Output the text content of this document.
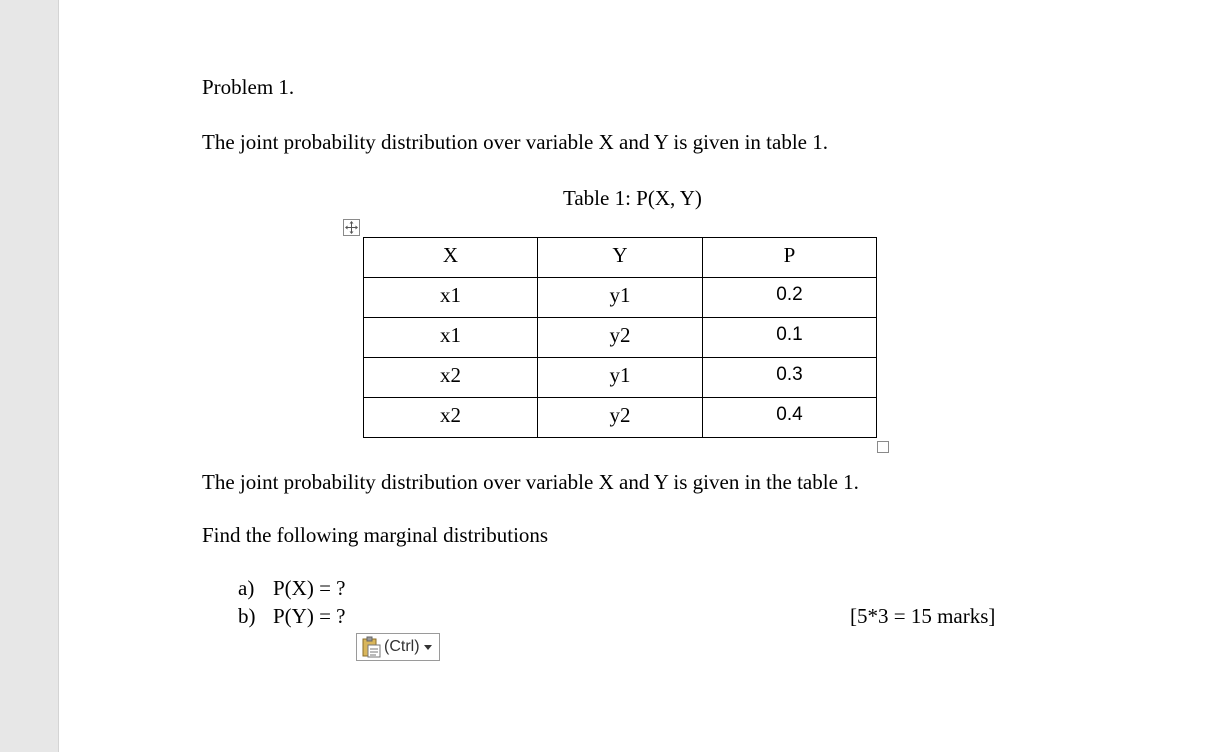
Problem 1.
The joint probability distribution over variable X and Y is given in table 1.
Table 1: P(X, Y)
X	Y	P
x1	y1	0.2
x1	y2	0.1
x2	y1	0.3
x2	y2	0.4
The joint probability distribution over variable X and Y is given in the table 1.
Find the following marginal distributions
a) P(X) = ?
b) P(Y) = ?	[5*3 = 15 marks]
(Ctrl)
